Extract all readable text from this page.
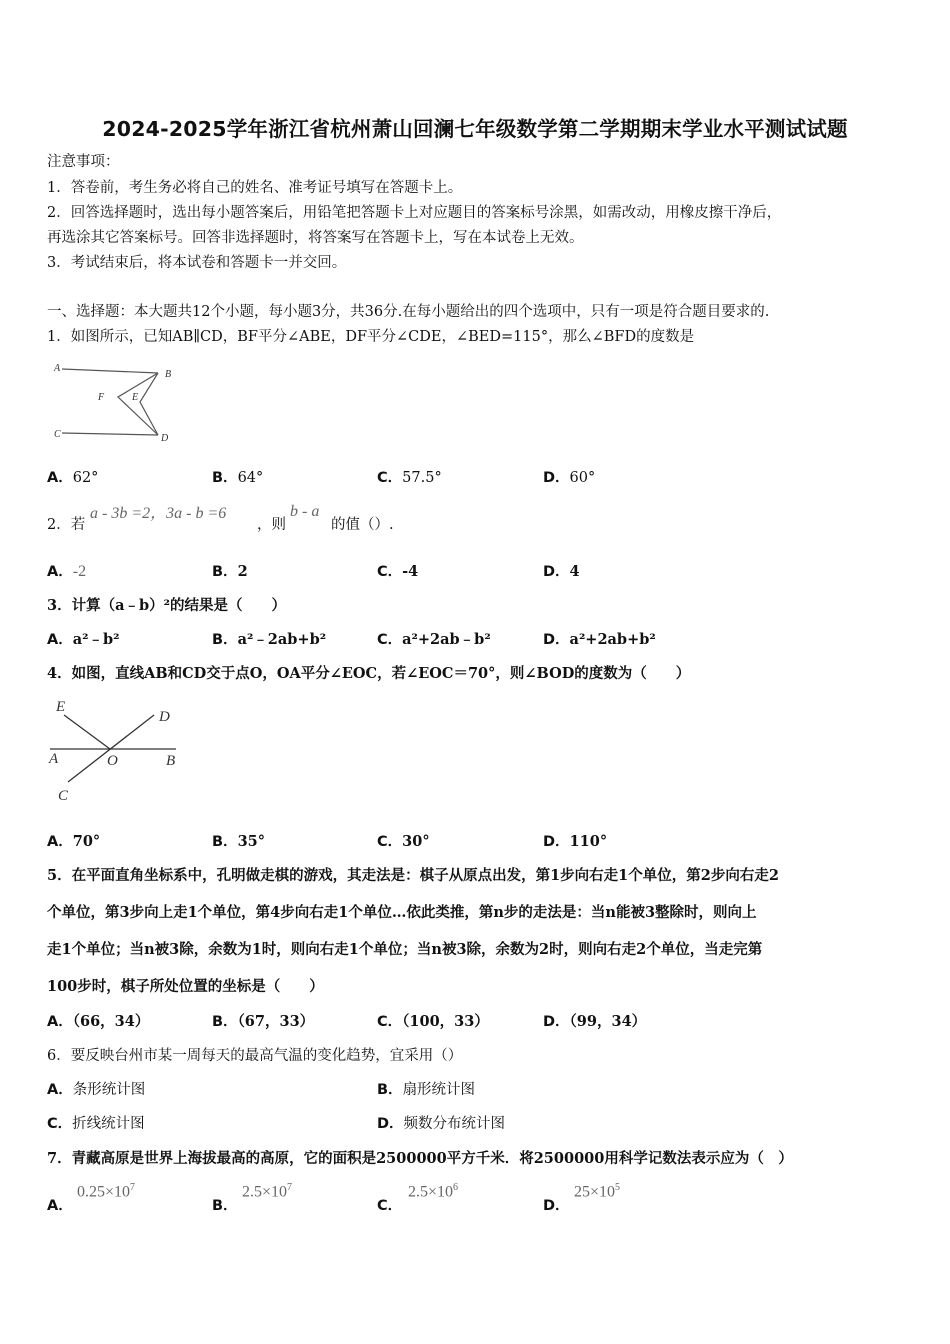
2024-2025学年浙江省杭州萧山回澜七年级数学第二学期期末学业水平测试试题
注意事项：
1．答卷前，考生务必将自己的姓名、准考证号填写在答题卡上。
2．回答选择题时，选出每小题答案后，用铅笔把答题卡上对应题目的答案标号涂黑，如需改动，用橡皮擦干净后，
再选涂其它答案标号。回答非选择题时，将答案写在答题卡上，写在本试卷上无效。
3．考试结束后，将本试卷和答题卡一并交回。
一、选择题：本大题共12个小题，每小题3分，共36分.在每小题给出的四个选项中，只有一项是符合题目要求的.
1．如图所示，已知AB∥CD，BF平分∠ABE，DF平分∠CDE，∠BED=115°，那么∠BFD的度数是
A
B
F	E
C	D
A．62°	B．64°	C．57.5°	D．60°
2．若
a - 3b =2，3a - b =6
，则
b - a
的值（）.
A．-2	B．2	C．-4	D．4
3．计算（a﹣b）²的结果是（　　）
A．a²﹣b²	B．a²﹣2ab+b²	C．a²+2ab﹣b²	D．a²+2ab+b²
4．如图，直线AB和CD交于点O，OA平分∠EOC，若∠EOC＝70°，则∠BOD的度数为（　　）
E
D
A	O	B
C
A．70°	B．35°	C．30°	D．110°
5．在平面直角坐标系中，孔明做走棋的游戏，其走法是：棋子从原点出发，第1步向右走1个单位，第2步向右走2
个单位，第3步向上走1个单位，第4步向右走1个单位…依此类推，第n步的走法是：当n能被3整除时，则向上
走1个单位；当n被3除，余数为1时，则向右走1个单位；当n被3除，余数为2时，则向右走2个单位，当走完第
100步时，棋子所处位置的坐标是（　　）
A．（66，34）	B．（67，33）	C．（100，33）	D．（99，34）
6．要反映台州市某一周每天的最高气温的变化趋势，宜采用（）
A．条形统计图	B．扇形统计图
C．折线统计图	D．频数分布统计图
7．青藏高原是世界上海拔最高的高原，它的面积是2500000平方千米．将2500000用科学记数法表示应为（　）
A．
$0.25\times 10^7$
B．
$2.5\times 10^7$
C．
$2.5\times 10^6$
D．
$25\times 10^5$
